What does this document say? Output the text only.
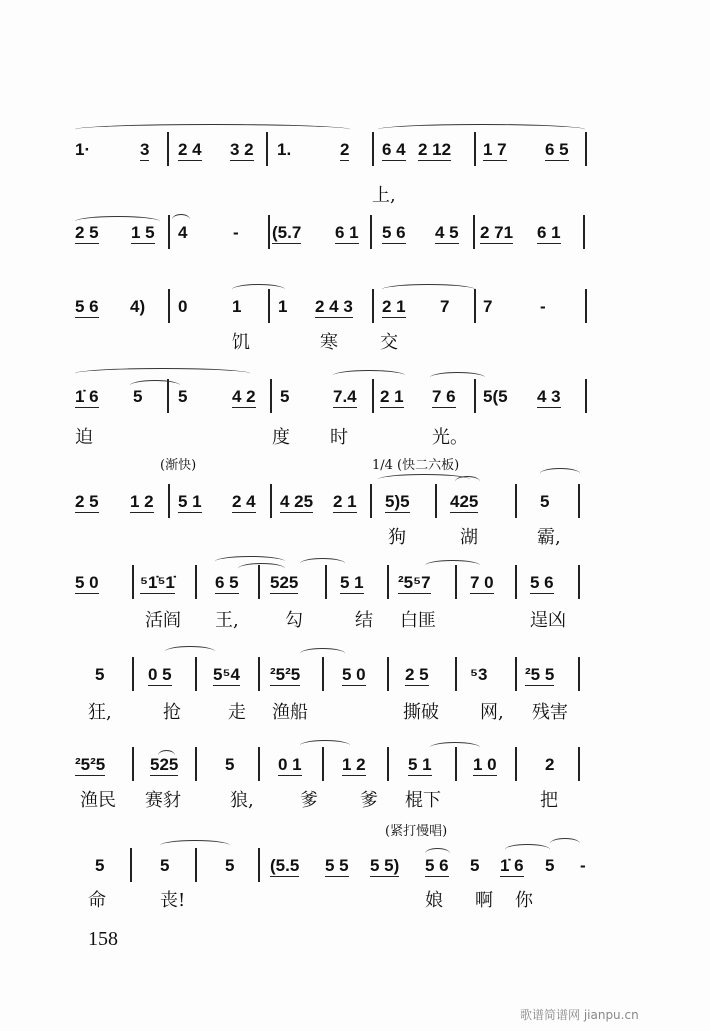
158
歌谱简谱网 jianpu.cn
1·	3 2 4 3 2 1.	2 6 4 2 12 1 7 6 5
上,
2 5 1 5 4	- (5.7 6 1 5 6 4 5 2 71 6 1
5 6 4) 0	1 1 2 4 3 2 1 7 7	-
饥	寒 交
1̇ 6 5 5	4 2 5	7.4 2 1 7 6 5(5 4 3
迫	度 时	光。
2 5 1 2 5 1 2 4 4 25 2 1 5)5 425	5
狗	湖	霸,
(渐快)	1/4 (快二六板)
5 0 ⁵1̇⁵1̇ 6 5 525 5 1 ²5⁵7 7 0 5 6
活阎 王,	勾	结 白匪	逞凶
5	0 5 5⁵4 ²5²5 5 0 2 5 ⁵3 ²5 5
狂,	抢	走 渔船	撕破 网, 残害
²5²5	525	5	0 1 1 2 5 1 1 0	2
渔民 赛豺	狼,	爹 爹 棍下	把
5	5	5 (5.5 5 5 5 5) 5 6 5 1̇ 6 5 -
命	丧!	娘 啊 你
(紧打慢唱)
